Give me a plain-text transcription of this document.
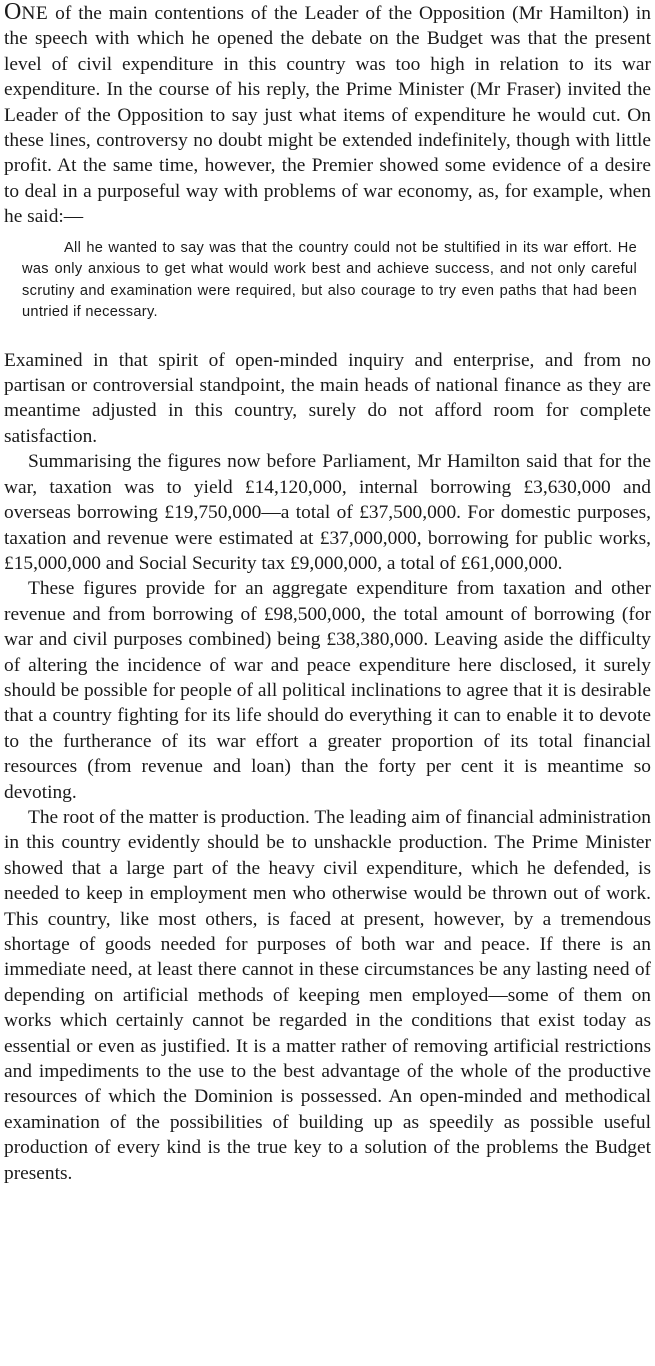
ONE of the main contentions of the Leader of the Opposition (Mr Hamilton) in the speech with which he opened the debate on the Budget was that the present level of civil expenditure in this country was too high in relation to its war expenditure. In the course of his reply, the Prime Minister (Mr Fraser) invited the Leader of the Opposition to say just what items of expenditure he would cut. On these lines, controversy no doubt might be extended indefinitely, though with little profit. At the same time, however, the Premier showed some evidence of a desire to deal in a purposeful way with problems of war economy, as, for example, when he said:—

All he wanted to say was that the country could not be stultified in its war effort. He was only anxious to get what would work best and achieve success, and not only careful scrutiny and examination were required, but also courage to try even paths that had been untried if necessary.

Examined in that spirit of open-minded inquiry and enterprise, and from no partisan or controversial standpoint, the main heads of national finance as they are meantime adjusted in this country, surely do not afford room for complete satisfaction.

Summarising the figures now before Parliament, Mr Hamilton said that for the war, taxation was to yield £14,120,000, internal borrowing £3,630,000 and overseas borrowing £19,750,000—a total of £37,500,000. For domestic purposes, taxation and revenue were estimated at £37,000,000, borrowing for public works, £15,000,000 and Social Security tax £9,000,000, a total of £61,000,000.

These figures provide for an aggregate expenditure from taxation and other revenue and from borrowing of £98,500,000, the total amount of borrowing (for war and civil purposes combined) being £38,380,000. Leaving aside the difficulty of altering the incidence of war and peace expenditure here disclosed, it surely should be possible for people of all political inclinations to agree that it is desirable that a country fighting for its life should do everything it can to enable it to devote to the furtherance of its war effort a greater proportion of its total financial resources (from revenue and loan) than the forty per cent it is meantime so devoting.

The root of the matter is production. The leading aim of financial administration in this country evidently should be to unshackle production. The Prime Minister showed that a large part of the heavy civil expenditure, which he defended, is needed to keep in employment men who otherwise would be thrown out of work. This country, like most others, is faced at present, however, by a tremendous shortage of goods needed for purposes of both war and peace. If there is an immediate need, at least there cannot in these circumstances be any lasting need of depending on artificial methods of keeping men employed—some of them on works which certainly cannot be regarded in the conditions that exist today as essential or even as justified. It is a matter rather of removing artificial restrictions and impediments to the use to the best advantage of the whole of the productive resources of which the Dominion is possessed. An open-minded and methodical examination of the possibilities of building up as speedily as possible useful production of every kind is the true key to a solution of the problems the Budget presents.
